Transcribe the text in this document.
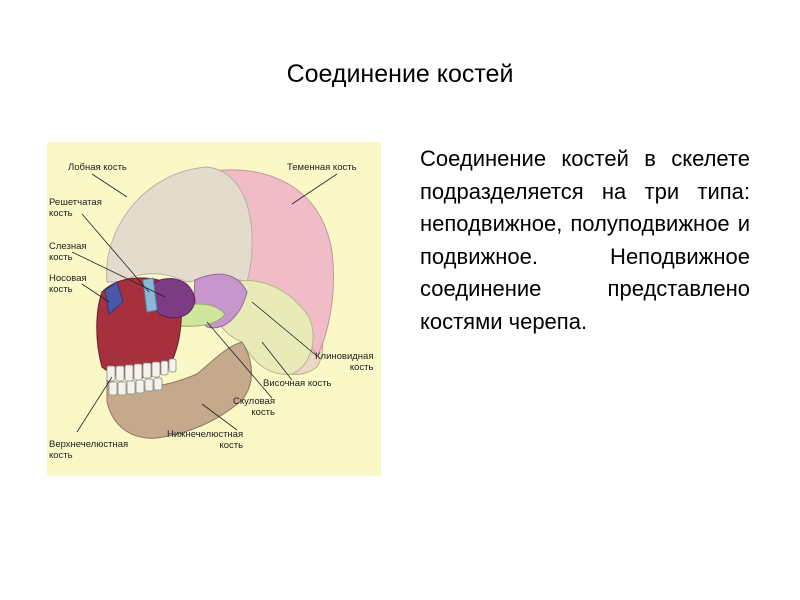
Соединение костей
Лобная кость	Теменная кость
Решетчатая
кость
Слезная
кость
Носовая
кость
Клиновидная
кость
Височная кость
Скуловая
кость
Нижнечелюстная
кость
Верхнечелюстная
кость
Соединение костей в скелете подразделяется на три типа: неподвижное, полуподвижное и подвижное. Неподвижное соединение представлено костями черепа.
